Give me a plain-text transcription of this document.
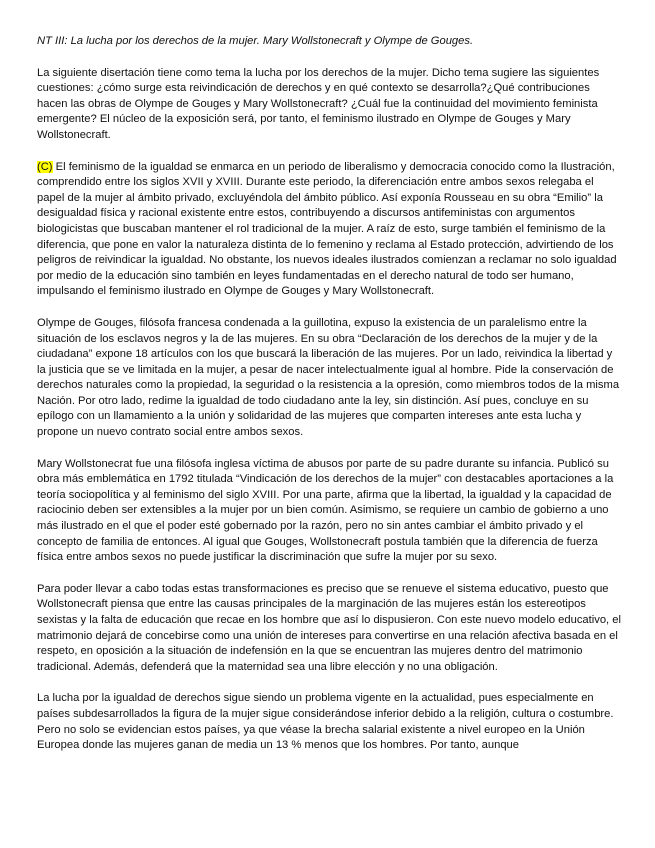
NT III: La lucha por los derechos de la mujer. Mary Wollstonecraft y Olympe de Gouges.

La siguiente disertación tiene como tema la lucha por los derechos de la mujer. Dicho tema sugiere las siguientes cuestiones: ¿cómo surge esta reivindicación de derechos y en qué contexto se desarrolla?¿Qué contribuciones hacen las obras de Olympe de Gouges y Mary Wollstonecraft? ¿Cuál fue la continuidad del movimiento feminista emergente? El núcleo de la exposición será, por tanto, el feminismo ilustrado en Olympe de Gouges y Mary Wollstonecraft.

(C) El feminismo de la igualdad se enmarca en un periodo de liberalismo y democracia conocido como la Ilustración, comprendido entre los siglos XVII y XVIII. Durante este periodo, la diferenciación entre ambos sexos relegaba el papel de la mujer al ámbito privado, excluyéndola del ámbito público. Así exponía Rousseau en su obra “Emilio” la desigualdad física y racional existente entre estos, contribuyendo a discursos antifeministas con argumentos biologicistas que buscaban mantener el rol tradicional de la mujer. A raíz de esto, surge también el feminismo de la diferencia, que pone en valor la naturaleza distinta de lo femenino y reclama al Estado protección, advirtiendo de los peligros de reivindicar la igualdad. No obstante, los nuevos ideales ilustrados comienzan a reclamar no solo igualdad por medio de la educación sino también en leyes fundamentadas en el derecho natural de todo ser humano, impulsando el feminismo ilustrado en Olympe de Gouges y Mary Wollstonecraft.

Olympe de Gouges, filósofa francesa condenada a la guillotina, expuso la existencia de un paralelismo entre la situación de los esclavos negros y la de las mujeres. En su obra “Declaración de los derechos de la mujer y de la ciudadana” expone 18 artículos con los que buscará la liberación de las mujeres. Por un lado, reivindica la libertad y la justicia que se ve limitada en la mujer, a pesar de nacer intelectualmente igual al hombre. Pide la conservación de derechos naturales como la propiedad, la seguridad o la resistencia a la opresión, como miembros todos de la misma Nación. Por otro lado, redime la igualdad de todo ciudadano ante la ley, sin distinción. Así pues, concluye en su epílogo con un llamamiento a la unión y solidaridad de las mujeres que comparten intereses ante esta lucha y propone un nuevo contrato social entre ambos sexos.

Mary Wollstonecrat fue una filósofa inglesa víctima de abusos por parte de su padre durante su infancia. Publicó su obra más emblemática en 1792 titulada “Vindicación de los derechos de la mujer” con destacables aportaciones a la teoría sociopolítica y al feminismo del siglo XVIII. Por una parte, afirma que la libertad, la igualdad y la capacidad de raciocinio deben ser extensibles a la mujer por un bien común. Asimismo, se requiere un cambio de gobierno a uno más ilustrado en el que el poder esté gobernado por la razón, pero no sin antes cambiar el ámbito privado y el concepto de familia de entonces. Al igual que Gouges, Wollstonecraft postula también que la diferencia de fuerza física entre ambos sexos no puede justificar la discriminación que sufre la mujer por su sexo.

Para poder llevar a cabo todas estas transformaciones es preciso que se renueve el sistema educativo, puesto que Wollstonecraft piensa que entre las causas principales de la marginación de las mujeres están los estereotipos sexistas y la falta de educación que recae en los hombre que así lo dispusieron. Con este nuevo modelo educativo, el matrimonio dejará de concebirse como una unión de intereses para convertirse en una relación afectiva basada en el respeto, en oposición a la situación de indefensión en la que se encuentran las mujeres dentro del matrimonio tradicional. Además, defenderá que la maternidad sea una libre elección y no una obligación.

La lucha por la igualdad de derechos sigue siendo un problema vigente en la actualidad, pues especialmente en países subdesarrollados la figura de la mujer sigue considerándose inferior debido a la religión, cultura o costumbre. Pero no solo se evidencian estos países, ya que véase la brecha salarial existente a nivel europeo en la Unión Europea donde las mujeres ganan de media un 13 % menos que los hombres. Por tanto, aunque
